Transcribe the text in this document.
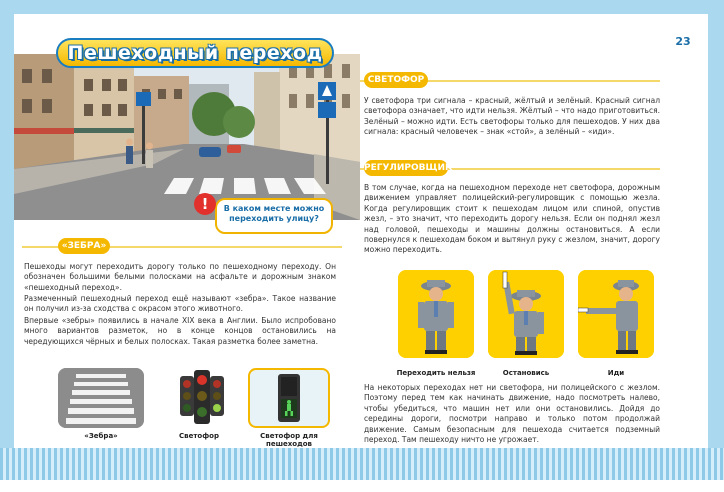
23
Пешеходный переход
В каком месте можно переходить улицу?
!
«ЗЕБРА»
Пешеходы могут переходить дорогу только по пешеходному переходу. Он обозначен большими белыми полосками на асфальте и дорожным знаком «пешеходный переход».
Размеченный пешеходный переход ещё называют «зебра». Такое название он получил из-за сходства с окрасом этого животного.
Впервые «зебры» появились в начале XIX века в Англии. Было испробовано много вариантов разметок, но в конце концов остановились на чередующихся чёрных и белых полосках. Такая разметка более заметна.
«Зебра»	Светофор	Светофор для пешеходов
СВЕТОФОР
У светофора три сигнала – красный, жёлтый и зелёный. Красный сигнал светофора означает, что идти нельзя. Жёлтый – что надо приготовиться. Зелёный – можно идти. Есть светофоры только для пешеходов. У них два сигнала: красный человечек – знак «стой», а зелёный – «иди».
РЕГУЛИРОВЩИК
В том случае, когда на пешеходном переходе нет светофора, дорожным движением управляет полицейский-регулировщик с помощью жезла. Когда регулировщик стоит к пешеходам лицом или спиной, опустив жезл, – это значит, что переходить дорогу нельзя. Если он поднял жезл над головой, пешеходы и машины должны остановиться. А если повернулся к пешеходам боком и вытянул руку с жезлом, значит, дорогу можно переходить.
Переходить нельзя	Остановись	Иди
На некоторых переходах нет ни светофора, ни полицейского с жезлом. Поэтому перед тем как начинать движение, надо посмотреть налево, чтобы убедиться, что машин нет или они остановились. Дойдя до середины дороги, посмотри направо и только потом продолжай движение. Самым безопасным для пешехода считается подземный переход. Там пешеходу ничто не угрожает.
